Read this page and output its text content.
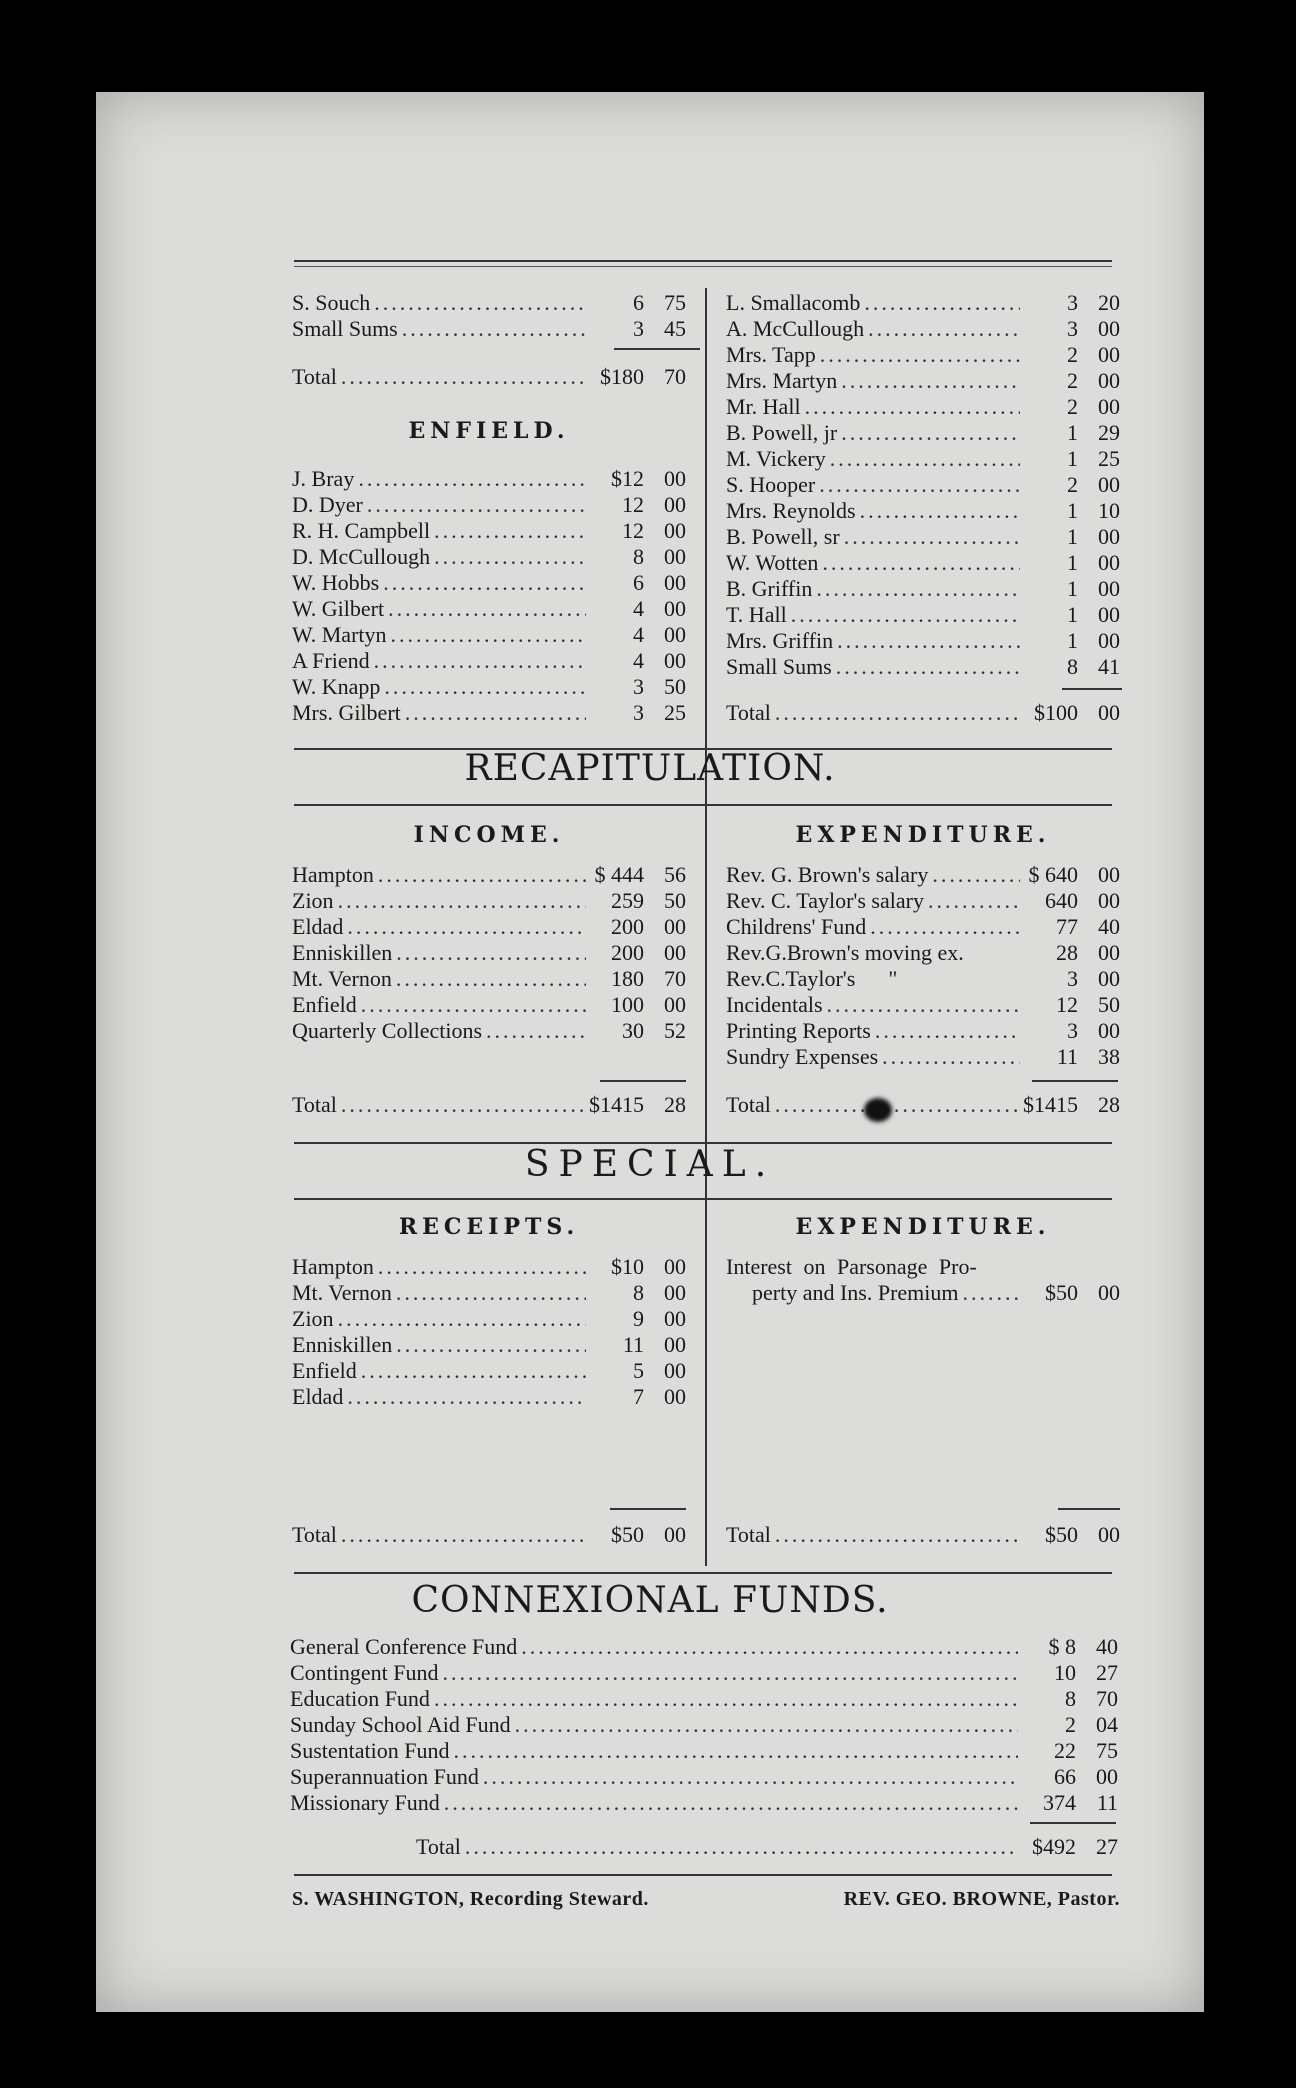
S. Souch .....	6 75
Small Sums .....	3 45
Total .....	$180 70
ENFIELD.
J. Bray .....	$12 00
D. Dyer .....	12 00
R. H. Campbell .....	12 00
D. McCullough .....	8 00
W. Hobbs .....	6 00
W. Gilbert .....	4 00
W. Martyn .....	4 00
A Friend .....	4 00
W. Knapp .....	3 50
Mrs. Gilbert .....	3 25
L. Smallacomb .....	3 20
A. McCullough .....	3 00
Mrs. Tapp .....	2 00
Mrs. Martyn .....	2 00
Mr. Hall .....	2 00
B. Powell, jr .....	1 29
M. Vickery .....	1 25
S. Hooper .....	2 00
Mrs. Reynolds .....	1 10
B. Powell, sr .....	1 00
W. Wotten .....	1 00
B. Griffin .....	1 00
T. Hall .....	1 00
Mrs. Griffin .....	1 00
Small Sums .....	8 41
Total .....	$100 00
RECAPITULATION.
INCOME.	EXPENDITURE.
Hampton .....	$ 444 56
Zion .....	259 50
Eldad .....	200 00
Enniskillen .....	200 00
Mt. Vernon .....	180 70
Enfield .....	100 00
Quarterly Collections .....	30 52
Total .....	$1415 28
Rev. G. Brown's salary .....	$ 640 00
Rev. C. Taylor's salary .....	640 00
Childrens' Fund .....	77 40
Rev.G.Brown's moving ex.	28 00
Rev.C.Taylor's      "	3 00
Incidentals .....	12 50
Printing Reports .....	3 00
Sundry Expenses .....	11 38
Total .....	$1415 28
SPECIAL.
RECEIPTS.	EXPENDITURE.
Hampton .....	$10 00
Mt. Vernon .....	8 00
Zion .....	9 00
Enniskillen .....	11 00
Enfield .....	5 00
Eldad .....	7 00
Total .....	$50 00
Interest on Parsonage Pro-
perty and Ins. Premium .....	$50 00
Total .....	$50 00
CONNEXIONAL FUNDS.
General Conference Fund .....	$ 8 40
Contingent Fund .....	10 27
Education Fund .....	8 70
Sunday School Aid Fund .....	2 04
Sustentation Fund .....	22 75
Superannuation Fund .....	66 00
Missionary Fund .....	374 11
Total .....	$492 27
S. WASHINGTON, Recording Steward.	REV. GEO. BROWNE, Pastor.
